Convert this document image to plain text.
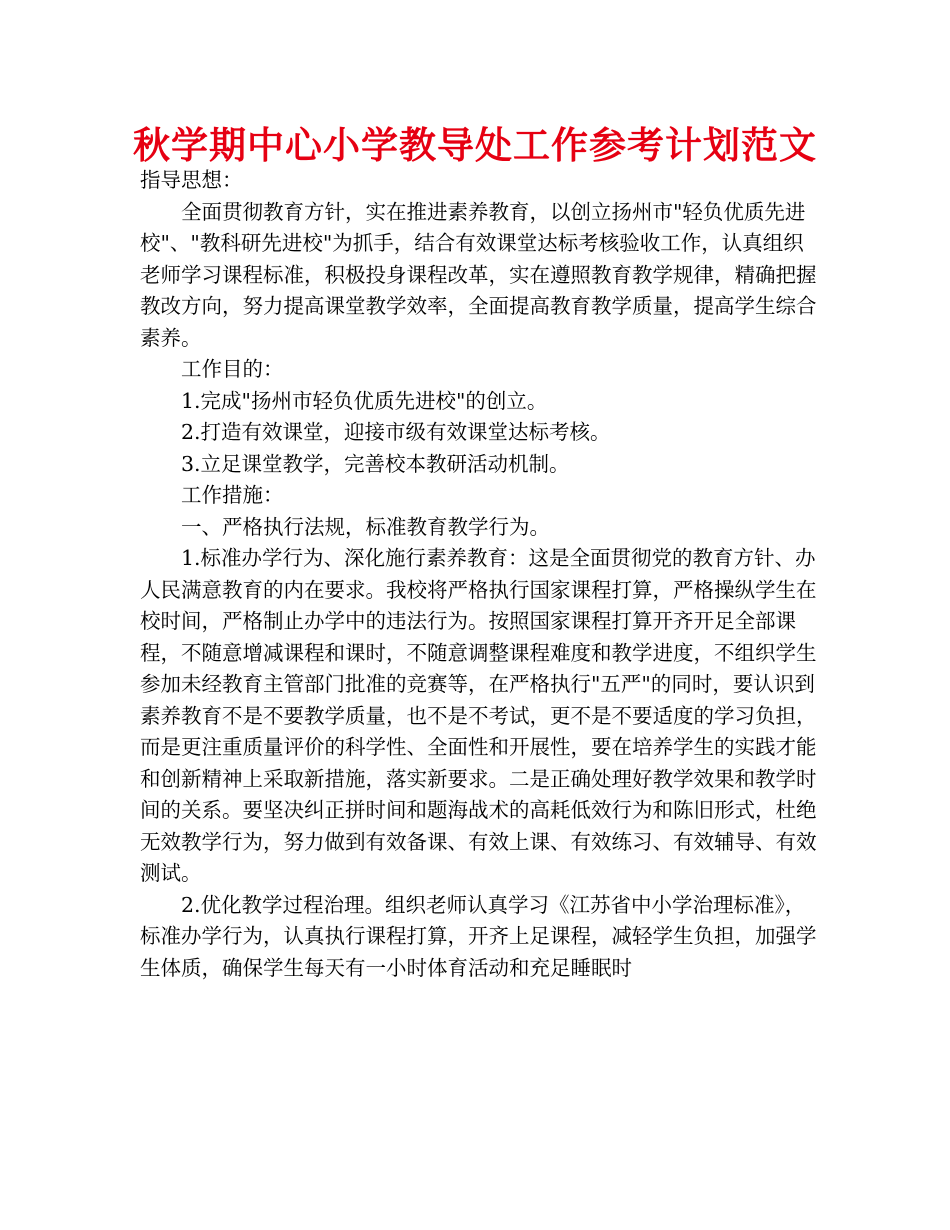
秋学期中心小学教导处工作参考计划范文

指导思想：

全面贯彻教育方针，实在推进素养教育，以创立扬州市"轻负优质先进校"、"教科研先进校"为抓手，结合有效课堂达标考核验收工作，认真组织老师学习课程标准，积极投身课程改革，实在遵照教育教学规律，精确把握教改方向，努力提高课堂教学效率，全面提高教育教学质量，提高学生综合素养。

工作目的：

1.完成"扬州市轻负优质先进校"的创立。

2.打造有效课堂，迎接市级有效课堂达标考核。

3.立足课堂教学，完善校本教研活动机制。

工作措施：

一、严格执行法规，标准教育教学行为。

1.标准办学行为、深化施行素养教育：这是全面贯彻党的教育方针、办人民满意教育的内在要求。我校将严格执行国家课程打算，严格操纵学生在校时间，严格制止办学中的违法行为。按照国家课程打算开齐开足全部课程，不随意增减课程和课时，不随意调整课程难度和教学进度，不组织学生参加未经教育主管部门批准的竞赛等，在严格执行"五严"的同时，要认识到素养教育不是不要教学质量，也不是不考试，更不是不要适度的学习负担，而是更注重质量评价的科学性、全面性和开展性，要在培养学生的实践才能和创新精神上采取新措施，落实新要求。二是正确处理好教学效果和教学时间的关系。要坚决纠正拼时间和题海战术的高耗低效行为和陈旧形式，杜绝无效教学行为，努力做到有效备课、有效上课、有效练习、有效辅导、有效测试。

2.优化教学过程治理。组织老师认真学习《江苏省中小学治理标准》，标准办学行为，认真执行课程打算，开齐上足课程，减轻学生负担，加强学生体质，确保学生每天有一小时体育活动和充足睡眠时
